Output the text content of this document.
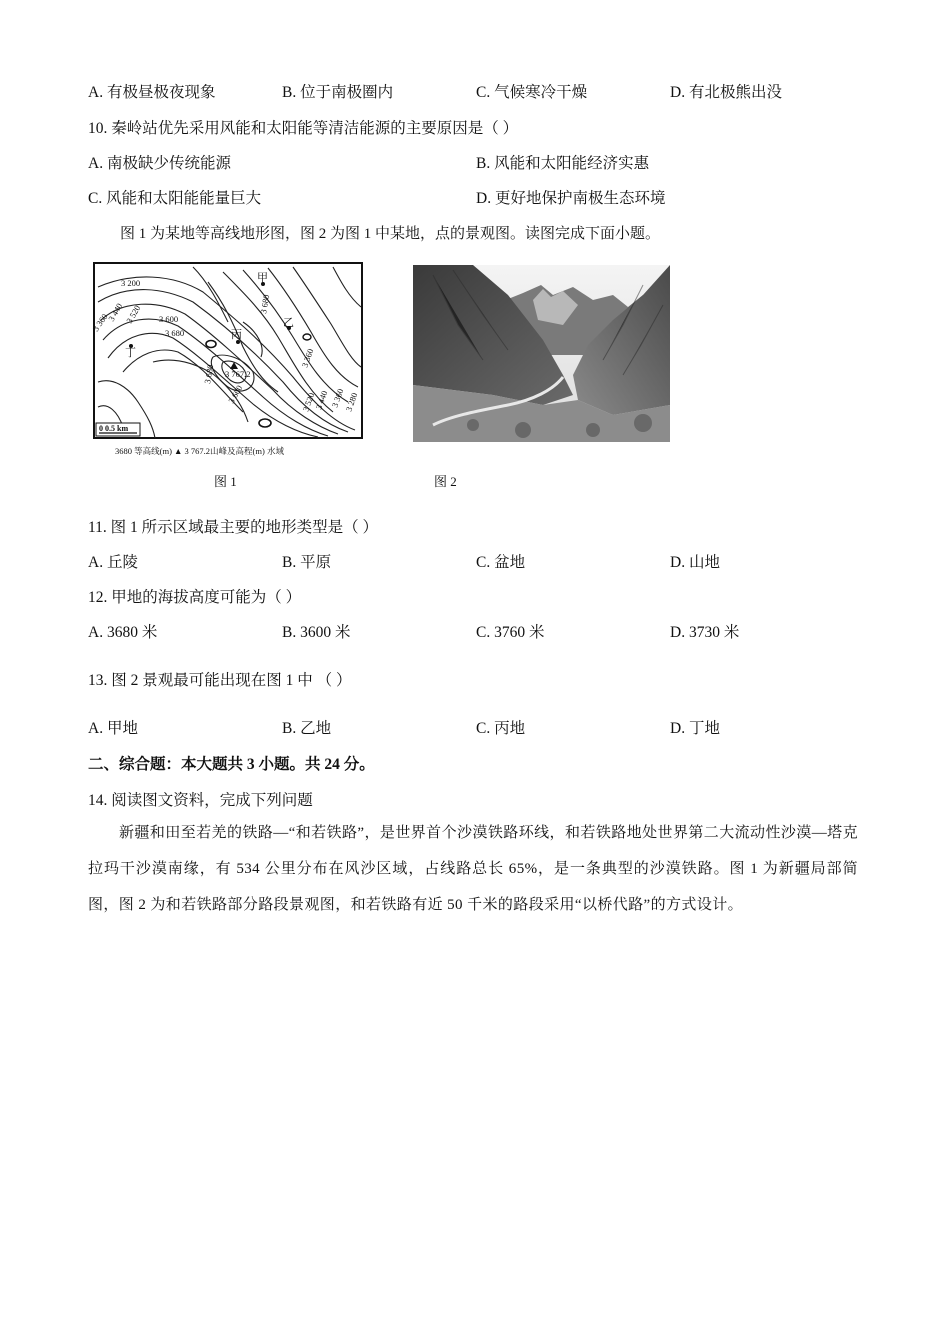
A. 有极昼极夜现象	B. 位于南极圈内	C. 气候寒冷干燥	D. 有北极熊出没
10. 秦岭站优先采用风能和太阳能等清洁能源的主要原因是（ ）
A. 南极缺少传统能源	B. 风能和太阳能经济实惠
C. 风能和太阳能能量巨大	D. 更好地保护南极生态环境
图 1 为某地等高线地形图，图 2 为图 1 中某地，点的景观图。读图完成下面小题。
3 200
3 360
3 440 3 520 3 600
3 680
3 680
3 680
3 600
3 767.2
3 520
3 440 3 360
3 280
3 360
甲
乙
丙
丁
0 0.5 km
3680 等高线(m) ▲ 3 767.2山峰及高程(m) 水域
图 1	图 2
11. 图 1 所示区域最主要的地形类型是（ ）
A. 丘陵	B. 平原	C. 盆地	D. 山地
12. 甲地的海拔高度可能为（ ）
A. 3680 米	B. 3600 米	C. 3760 米	D. 3730 米
13. 图 2 景观最可能出现在图 1 中 （ ）
A. 甲地	B. 乙地	C. 丙地	D. 丁地
二、综合题：本大题共 3 小题。共 24 分。
14. 阅读图文资料，完成下列问题
新疆和田至若羌的铁路—“和若铁路”，是世界首个沙漠铁路环线，和若铁路地处世界第二大流动性沙漠—塔克拉玛干沙漠南缘，有 534 公里分布在风沙区域，占线路总长 65%，是一条典型的沙漠铁路。图 1 为新疆局部简图，图 2 为和若铁路部分路段景观图，和若铁路有近 50 千米的路段采用“以桥代路”的方式设计。
